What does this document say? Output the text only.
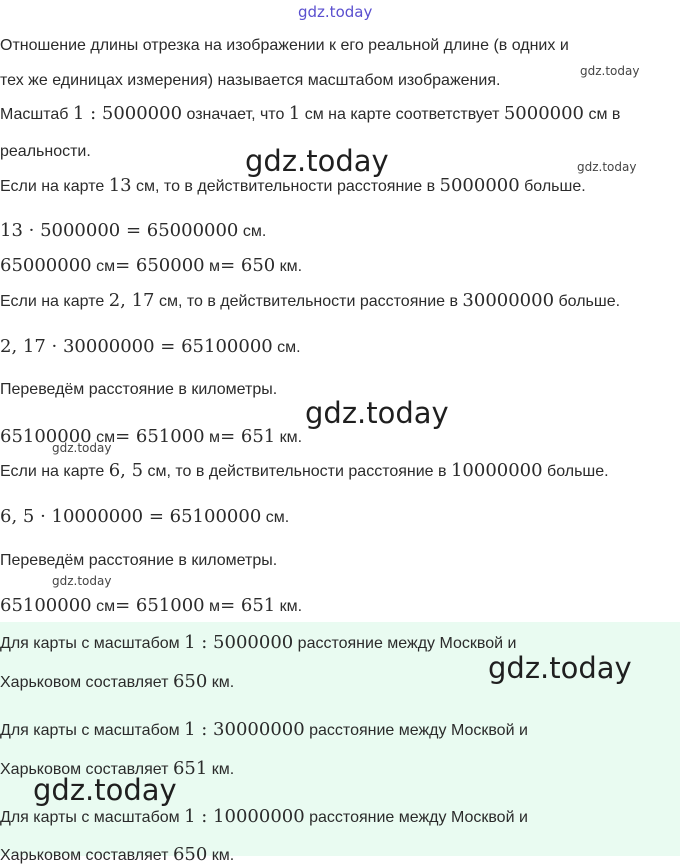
Отношение длины отрезка на изображении к его реальной длине (в одних и
тех же единицах измерения) называется масштабом изображения.
Масштаб 1 : 5000000 означает, что 1 см на карте соответствует 5000000 см в
реальности.
Если на карте 13 см, то в действительности расстояние в 5000000 больше.
13 · 5000000 = 65000000 см.
65000000 см= 650000 м= 650 км.
Если на карте 2, 17 см, то в действительности расстояние в 30000000 больше.
2, 17 · 30000000 = 65100000 см.
Переведём расстояние в километры.
65100000 см= 651000 м= 651 км.
Если на карте 6, 5 см, то в действительности расстояние в 10000000 больше.
6, 5 · 10000000 = 65100000 см.
Переведём расстояние в километры.
65100000 см= 651000 м= 651 км.
Для карты с масштабом 1 : 5000000 расстояние между Москвой и
Харьковом составляет 650 км.
Для карты с масштабом 1 : 30000000 расстояние между Москвой и
Харьковом составляет 651 км.
Для карты с масштабом 1 : 10000000 расстояние между Москвой и
Харьковом составляет 650 км.
gdz.today
gdz.today
gdz.today	gdz.today
gdz.today
gdz.today
gdz.today
gdz.today
gdz.today
